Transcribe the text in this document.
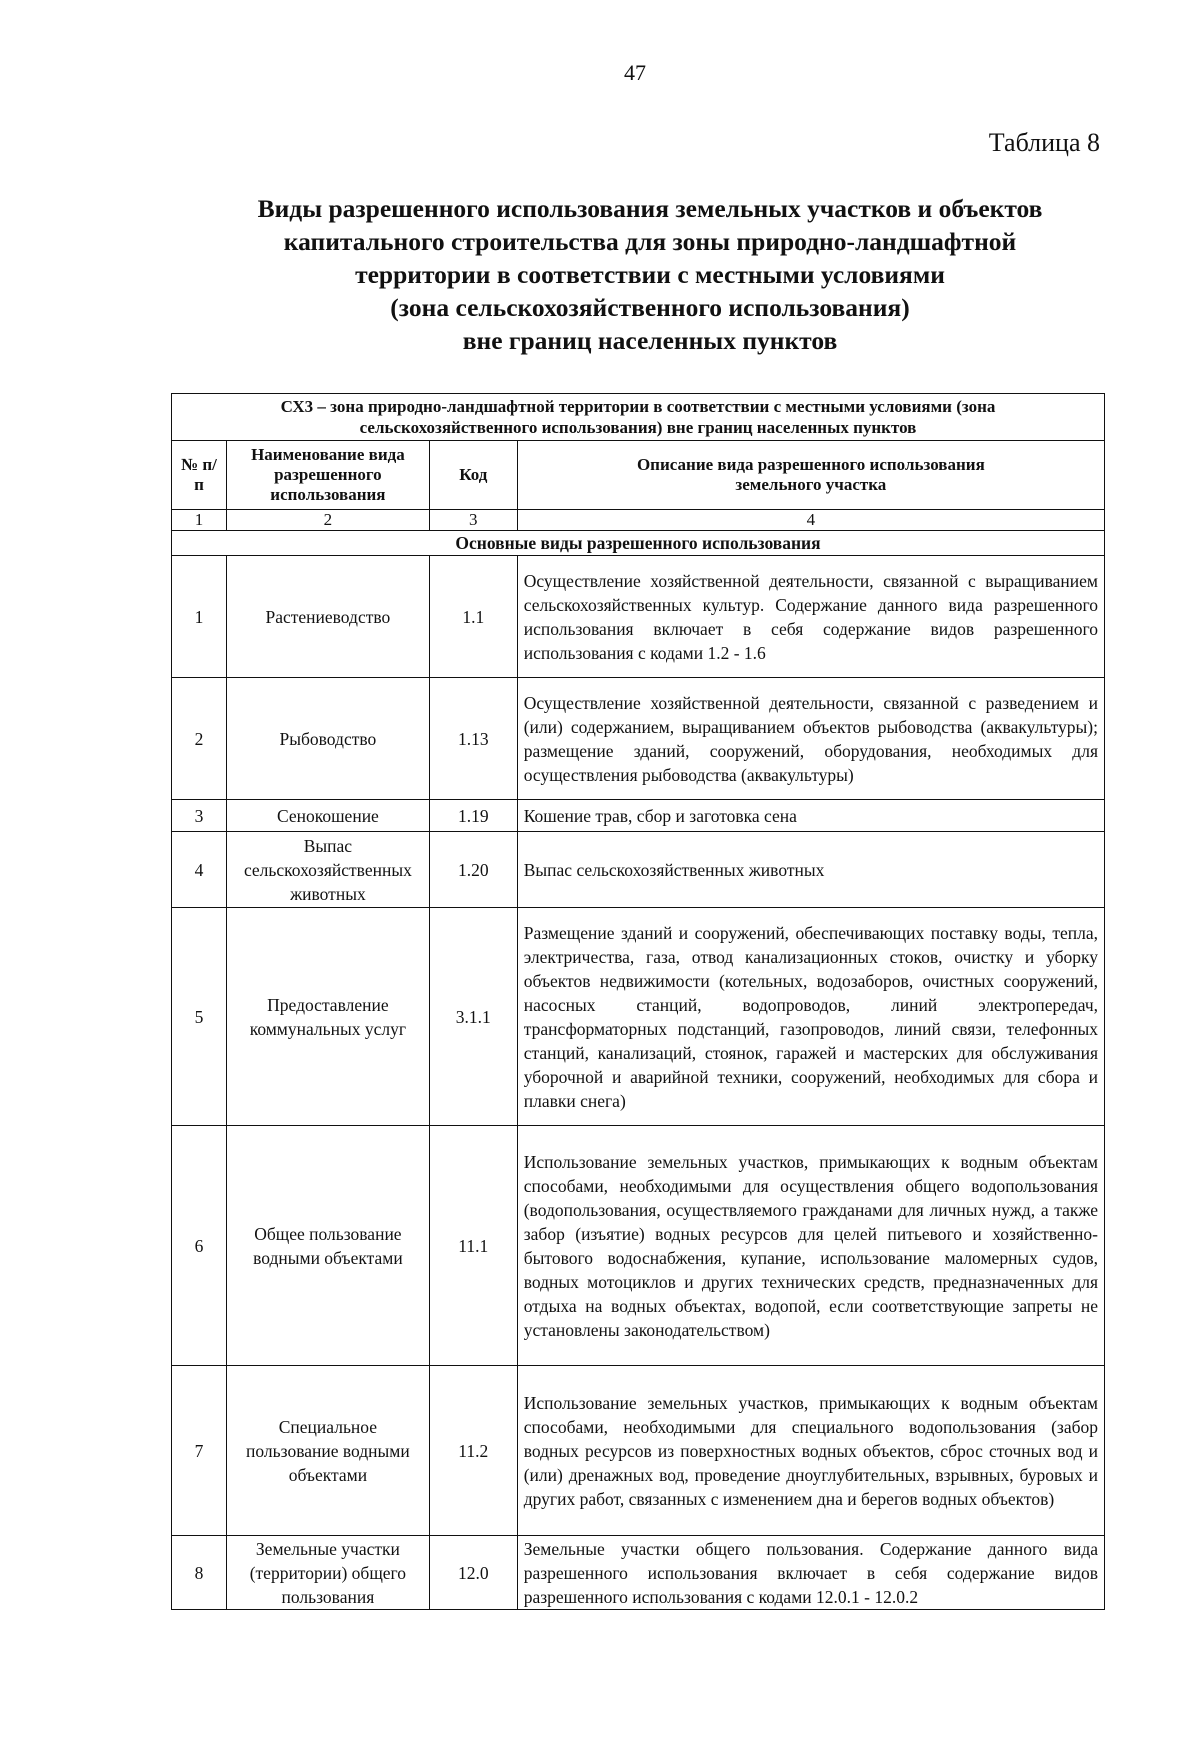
47
Таблица 8
Виды разрешенного использования земельных участков и объектов
капитального строительства для зоны природно-ландшафтной
территории в соответствии с местными условиями
(зона сельскохозяйственного использования)
вне границ населенных пунктов
СХ3 – зона природно-ландшафтной территории в соответствии с местными условиями (зона сельскохозяйственного использования) вне границ населенных пунктов			
№ п/п	Наименование вида разрешенного использования	Код	Описание вида разрешенного использования земельного участка
1	2	3	4
Основные виды разрешенного использования			
1	Растениеводство	1.1	Осуществление хозяйственной деятельности, связанной с выращиванием сельскохозяйственных культур. Содержание данного вида разрешенного использования включает в себя содержание видов разрешенного использования с кодами 1.2 - 1.6
2	Рыбоводство	1.13	Осуществление хозяйственной деятельности, связанной с разведением и (или) содержанием, выращиванием объектов рыбоводства (аквакультуры); размещение зданий, сооружений, оборудования, необходимых для осуществления рыбоводства (аквакультуры)
3	Сенокошение	1.19	Кошение трав, сбор и заготовка сена
4	Выпас сельскохозяйственных животных	1.20	Выпас сельскохозяйственных животных
5	Предоставление коммунальных услуг	3.1.1	Размещение зданий и сооружений, обеспечивающих поставку воды, тепла, электричества, газа, отвод канализационных стоков, очистку и уборку объектов недвижимости (котельных, водозаборов, очистных сооружений, насосных станций, водопроводов, линий электропередач, трансформаторных подстанций, газопроводов, линий связи, телефонных станций, канализаций, стоянок, гаражей и мастерских для обслуживания уборочной и аварийной техники, сооружений, необходимых для сбора и плавки снега)
6	Общее пользование водными объектами	11.1	Использование земельных участков, примыкающих к водным объектам способами, необходимыми для осуществления общего водопользования (водопользования, осуществляемого гражданами для личных нужд, а также забор (изъятие) водных ресурсов для целей питьевого и хозяйственно-бытового водоснабжения, купание, использование маломерных судов, водных мотоциклов и других технических средств, предназначенных для отдыха на водных объектах, водопой, если соответствующие запреты не установлены законодательством)
7	Специальное пользование водными объектами	11.2	Использование земельных участков, примыкающих к водным объектам способами, необходимыми для специального водопользования (забор водных ресурсов из поверхностных водных объектов, сброс сточных вод и (или) дренажных вод, проведение дноуглубительных, взрывных, буровых и других работ, связанных с изменением дна и берегов водных объектов)
8	Земельные участки (территории) общего пользования	12.0	Земельные участки общего пользования. Содержание данного вида разрешенного использования включает в себя содержание видов разрешенного использования с кодами 12.0.1 - 12.0.2
